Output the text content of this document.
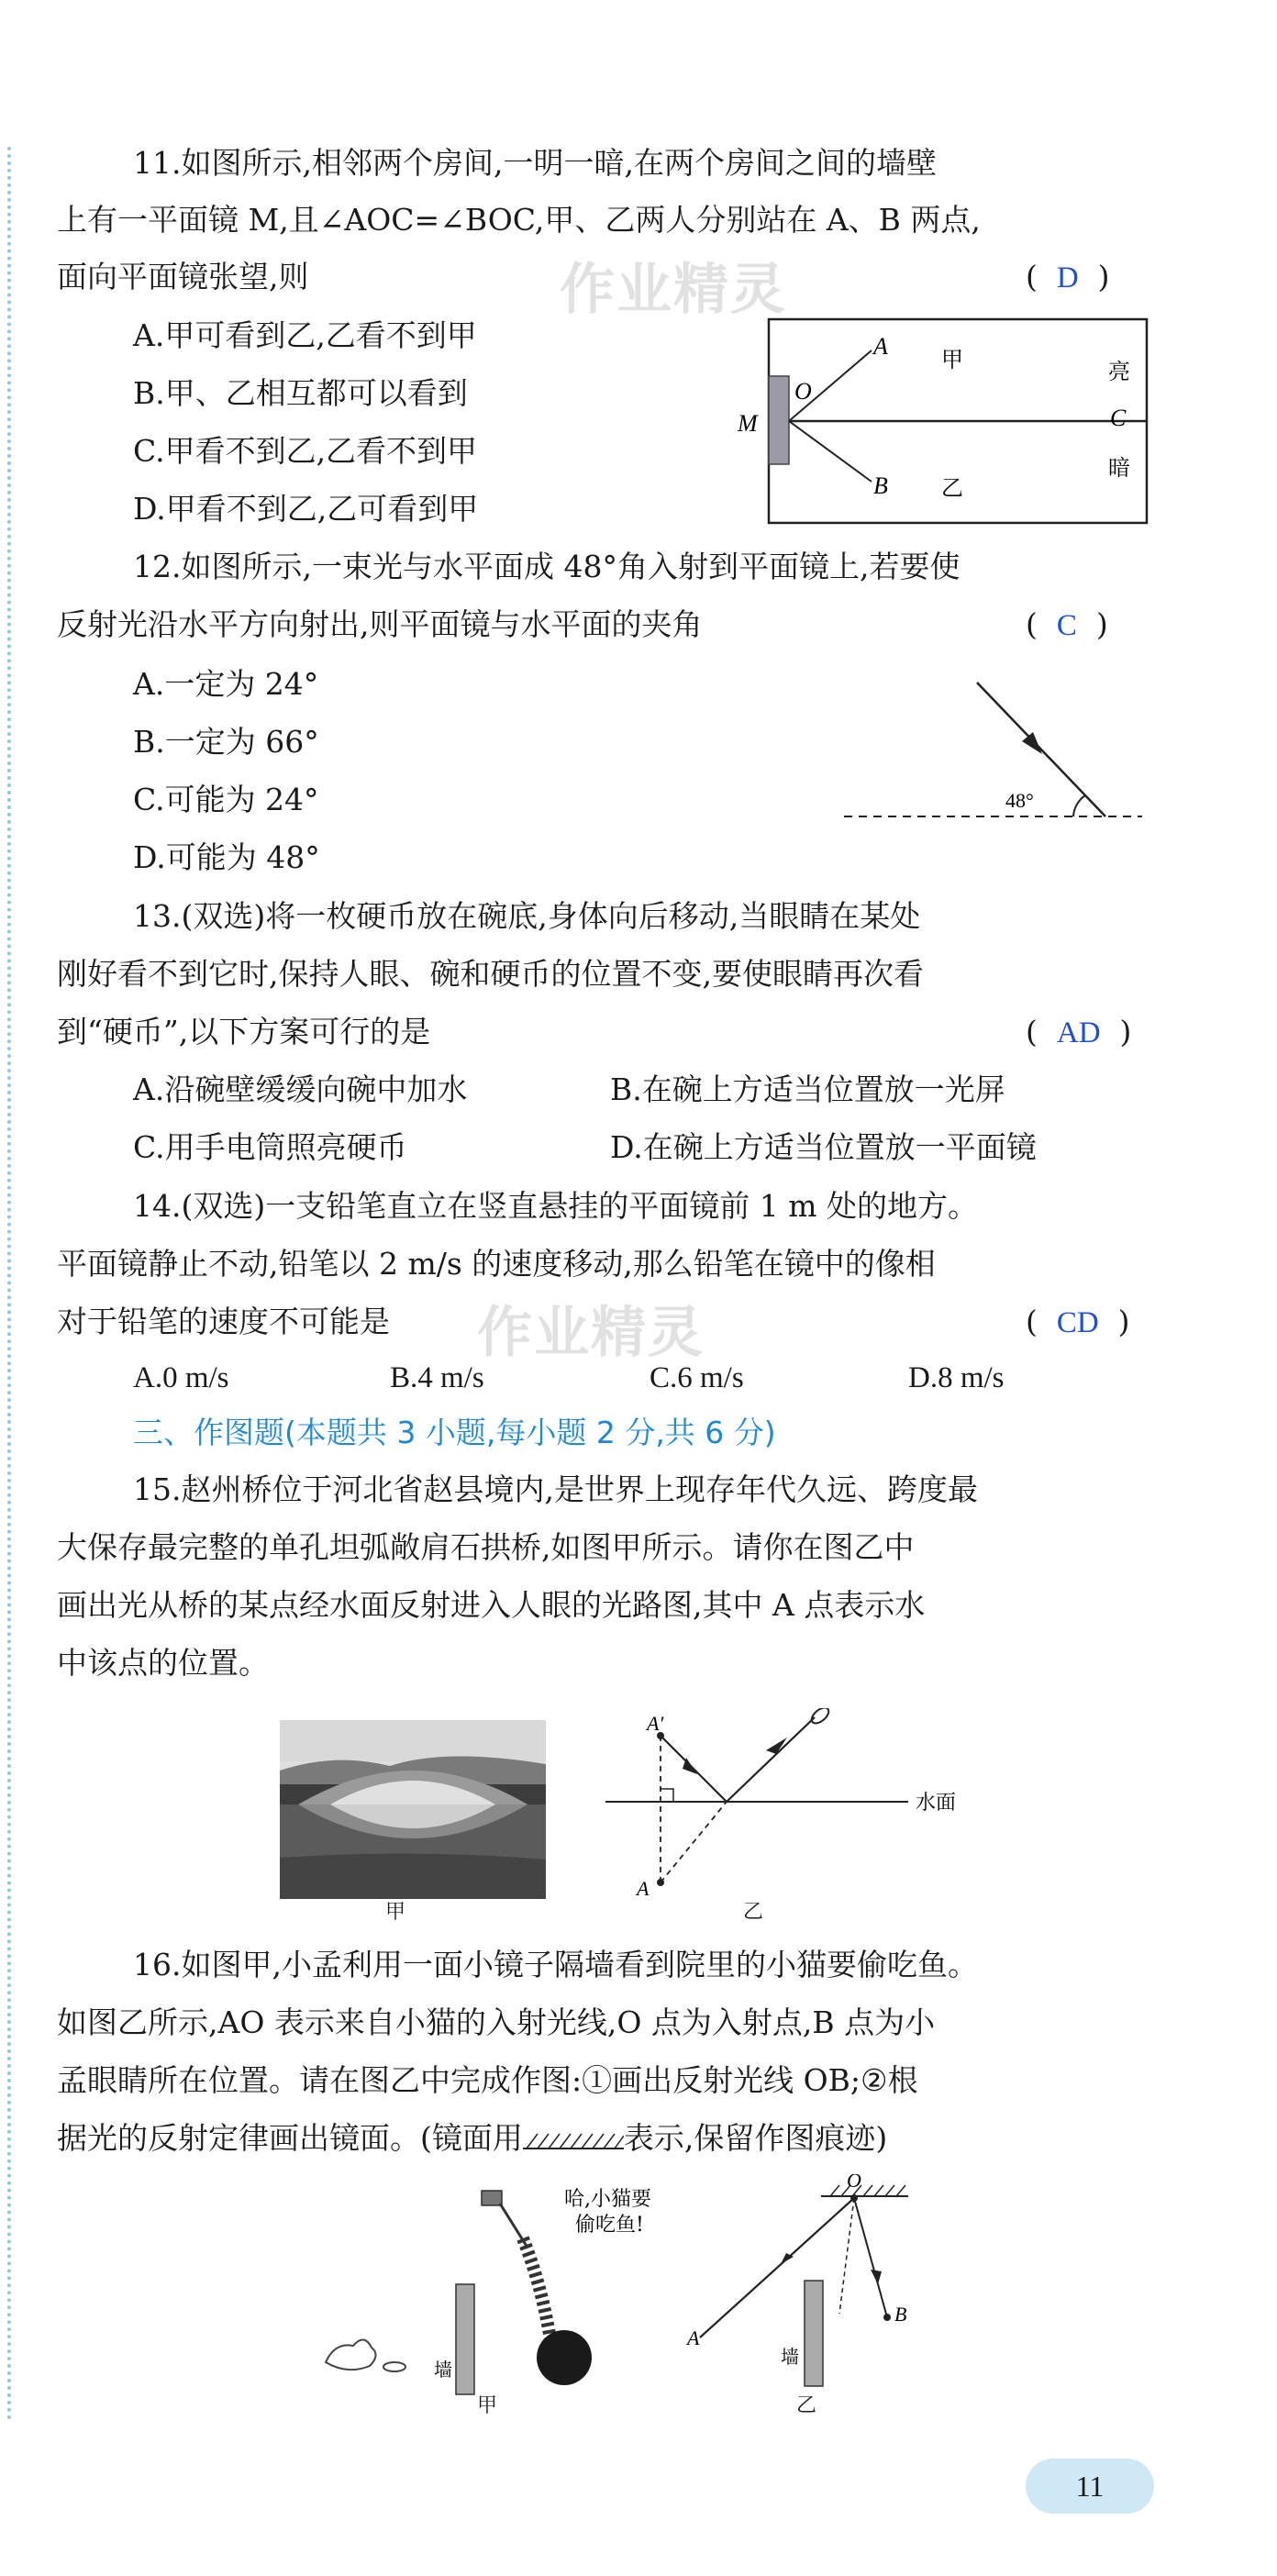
11.如图所示,相邻两个房间,一明一暗,在两个房间之间的墙壁
上有一平面镜 M,且∠AOC=∠BOC,甲、乙两人分别站在 A、B 两点,
面向平面镜张望,则	(  D  )
作业精灵
A.甲可看到乙,乙看不到甲
B.甲、乙相互都可以看到
C.甲看不到乙,乙看不到甲
D.甲看不到乙,乙可看到甲
M
O
A
B
甲
乙
亮
C
暗
12.如图所示,一束光与水平面成 48°角入射到平面镜上,若要使
反射光沿水平方向射出,则平面镜与水平面的夹角	(  C  )
A.一定为 24°
B.一定为 66°
C.可能为 24°
D.可能为 48°
48°
13.(双选)将一枚硬币放在碗底,身体向后移动,当眼睛在某处
刚好看不到它时,保持人眼、碗和硬币的位置不变,要使眼睛再次看
到“硬币”,以下方案可行的是	(  AD  )
A.沿碗壁缓缓向碗中加水	B.在碗上方适当位置放一光屏
C.用手电筒照亮硬币	D.在碗上方适当位置放一平面镜
14.(双选)一支铅笔直立在竖直悬挂的平面镜前 1 m 处的地方。
平面镜静止不动,铅笔以 2 m/s 的速度移动,那么铅笔在镜中的像相
对于铅笔的速度不可能是	(  CD  )
作业精灵
A.0 m/s	B.4 m/s	C.6 m/s	D.8 m/s
三、作图题(本题共 3 小题,每小题 2 分,共 6 分)
15.赵州桥位于河北省赵县境内,是世界上现存年代久远、跨度最
大保存最完整的单孔坦弧敞肩石拱桥,如图甲所示。请你在图乙中
画出光从桥的某点经水面反射进入人眼的光路图,其中 A 点表示水
中该点的位置。
甲
水面
A′
A
乙
16.如图甲,小孟利用一面小镜子隔墙看到院里的小猫要偷吃鱼。
如图乙所示,AO 表示来自小猫的入射光线,O 点为入射点,B 点为小
孟眼睛所在位置。请在图乙中完成作图:①画出反射光线 OB;②根
据光的反射定律画出镜面。(镜面用	表示,保留作图痕迹)
哈,小猫要
偷吃鱼!
墙
甲
O
A
B
墙
乙
11
